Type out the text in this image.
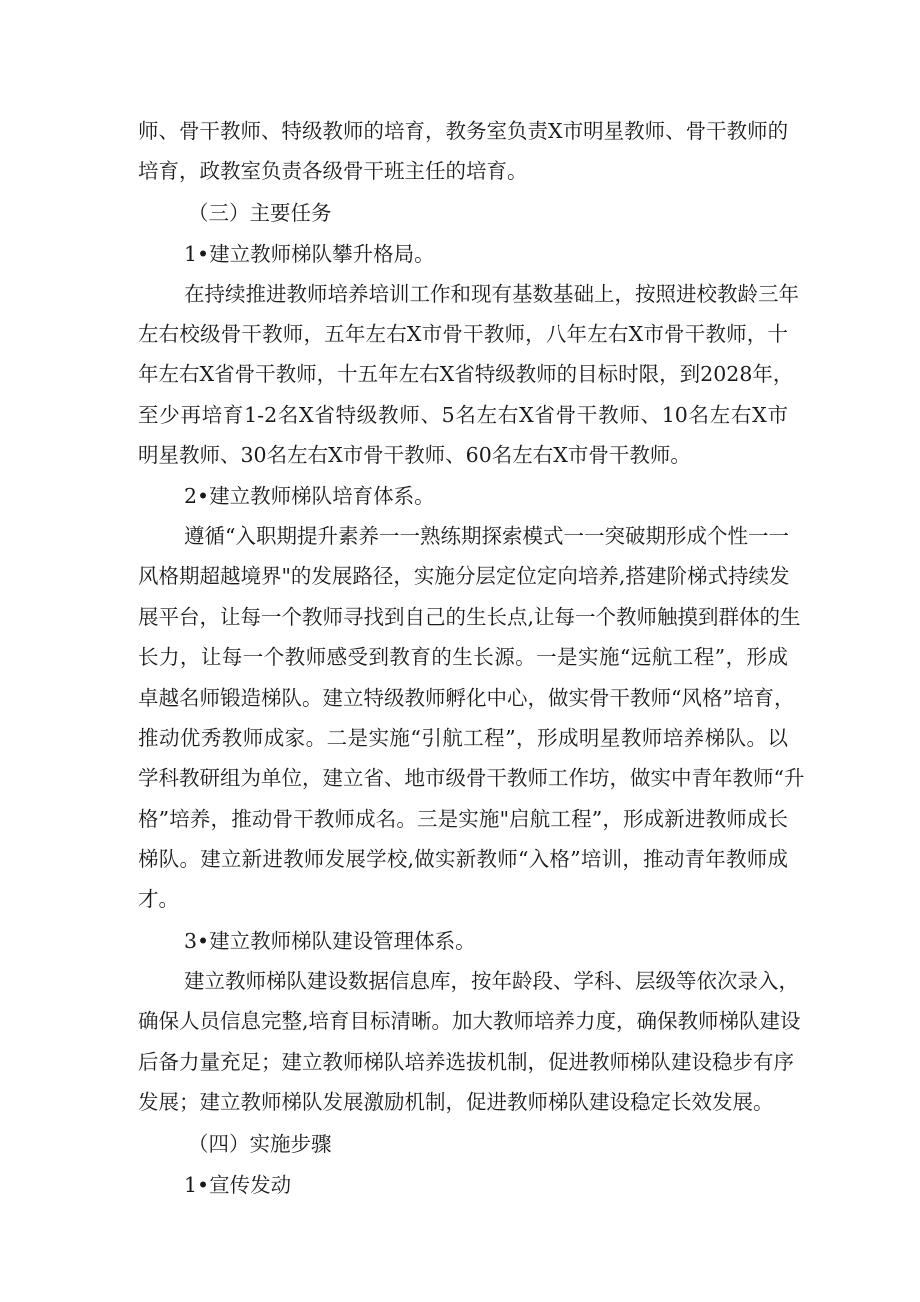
师、骨干教师、特级教师的培育，教务室负责X市明星教师、骨干教师的
培育，政教室负责各级骨干班主任的培育。
（三）主要任务
1•建立教师梯队攀升格局。
在持续推进教师培养培训工作和现有基数基础上，按照进校教龄三年
左右校级骨干教师，五年左右X市骨干教师，八年左右X市骨干教师，十
年左右X省骨干教师，十五年左右X省特级教师的目标时限，到2028年，
至少再培育1-2名X省特级教师、5名左右X省骨干教师、10名左右X市
明星教师、30名左右X市骨干教师、60名左右X市骨干教师。
2•建立教师梯队培育体系。
遵循“入职期提升素养一一熟练期探索模式一一突破期形成个性一一
风格期超越境界"的发展路径，实施分层定位定向培养,搭建阶梯式持续发
展平台，让每一个教师寻找到自己的生长点,让每一个教师触摸到群体的生
长力，让每一个教师感受到教育的生长源。一是实施“远航工程”，形成
卓越名师锻造梯队。建立特级教师孵化中心，做实骨干教师“风格”培育，
推动优秀教师成家。二是实施“引航工程”，形成明星教师培养梯队。以
学科教研组为单位，建立省、地市级骨干教师工作坊，做实中青年教师“升
格”培养，推动骨干教师成名。三是实施"启航工程”，形成新进教师成长
梯队。建立新进教师发展学校,做实新教师“入格”培训，推动青年教师成
才。
3•建立教师梯队建设管理体系。
建立教师梯队建设数据信息库，按年龄段、学科、层级等依次录入，
确保人员信息完整,培育目标清晰。加大教师培养力度，确保教师梯队建设
后备力量充足；建立教师梯队培养选拔机制，促进教师梯队建设稳步有序
发展；建立教师梯队发展激励机制，促进教师梯队建设稳定长效发展。
（四）实施步骤
1•宣传发动
